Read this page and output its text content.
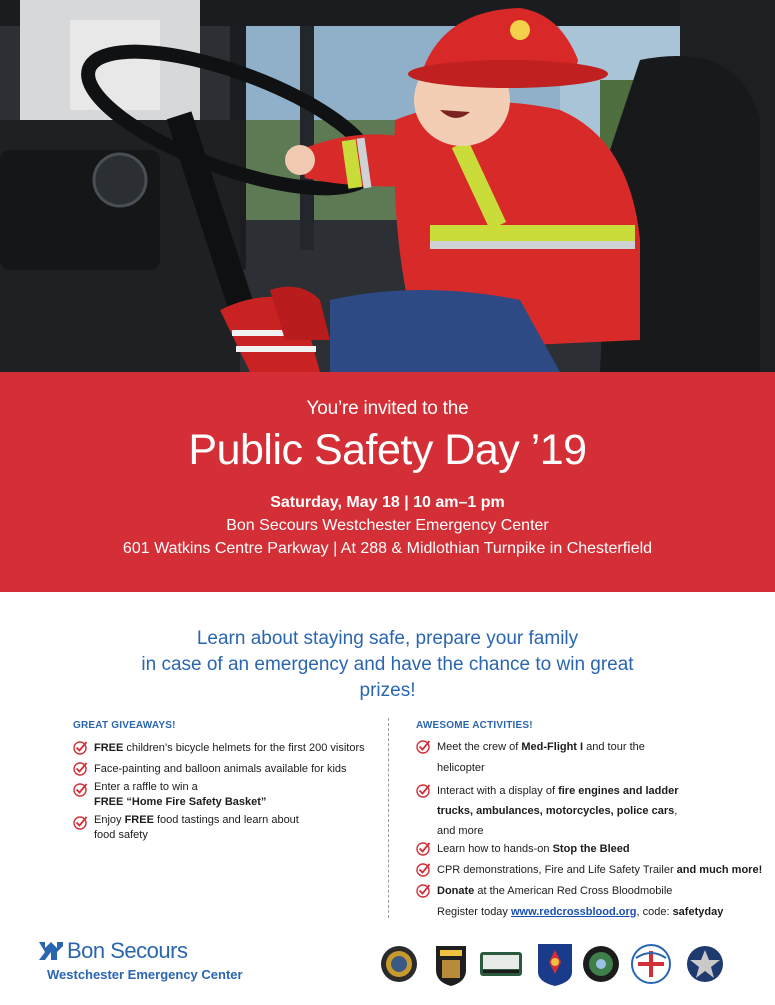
You’re invited to the
Public Safety Day ’19
Saturday, May 18 | 10 am–1 pm
Bon Secours Westchester Emergency Center
601 Watkins Centre Parkway | At 288 & Midlothian Turnpike in Chesterfield
Learn about staying safe, prepare your family
in case of an emergency and have the chance to win great
prizes!
GREAT GIVEAWAYS!
FREE children’s bicycle helmets for the first 200 visitors
Face-painting and balloon animals available for kids
Enter a raffle to win a
FREE “Home Fire Safety Basket”
Enjoy FREE food tastings and learn about
food safety
AWESOME ACTIVITIES!
Meet the crew of Med-Flight I and tour the
helicopter
Interact with a display of fire engines and ladder
trucks, ambulances, motorcycles, police cars,
and more
Learn how to hands-on Stop the Bleed
CPR demonstrations, Fire and Life Safety Trailer and much more!
Donate at the American Red Cross Bloodmobile
Register today www.redcrossblood.org, code: safetyday
Bon Secours
Westchester Emergency Center
